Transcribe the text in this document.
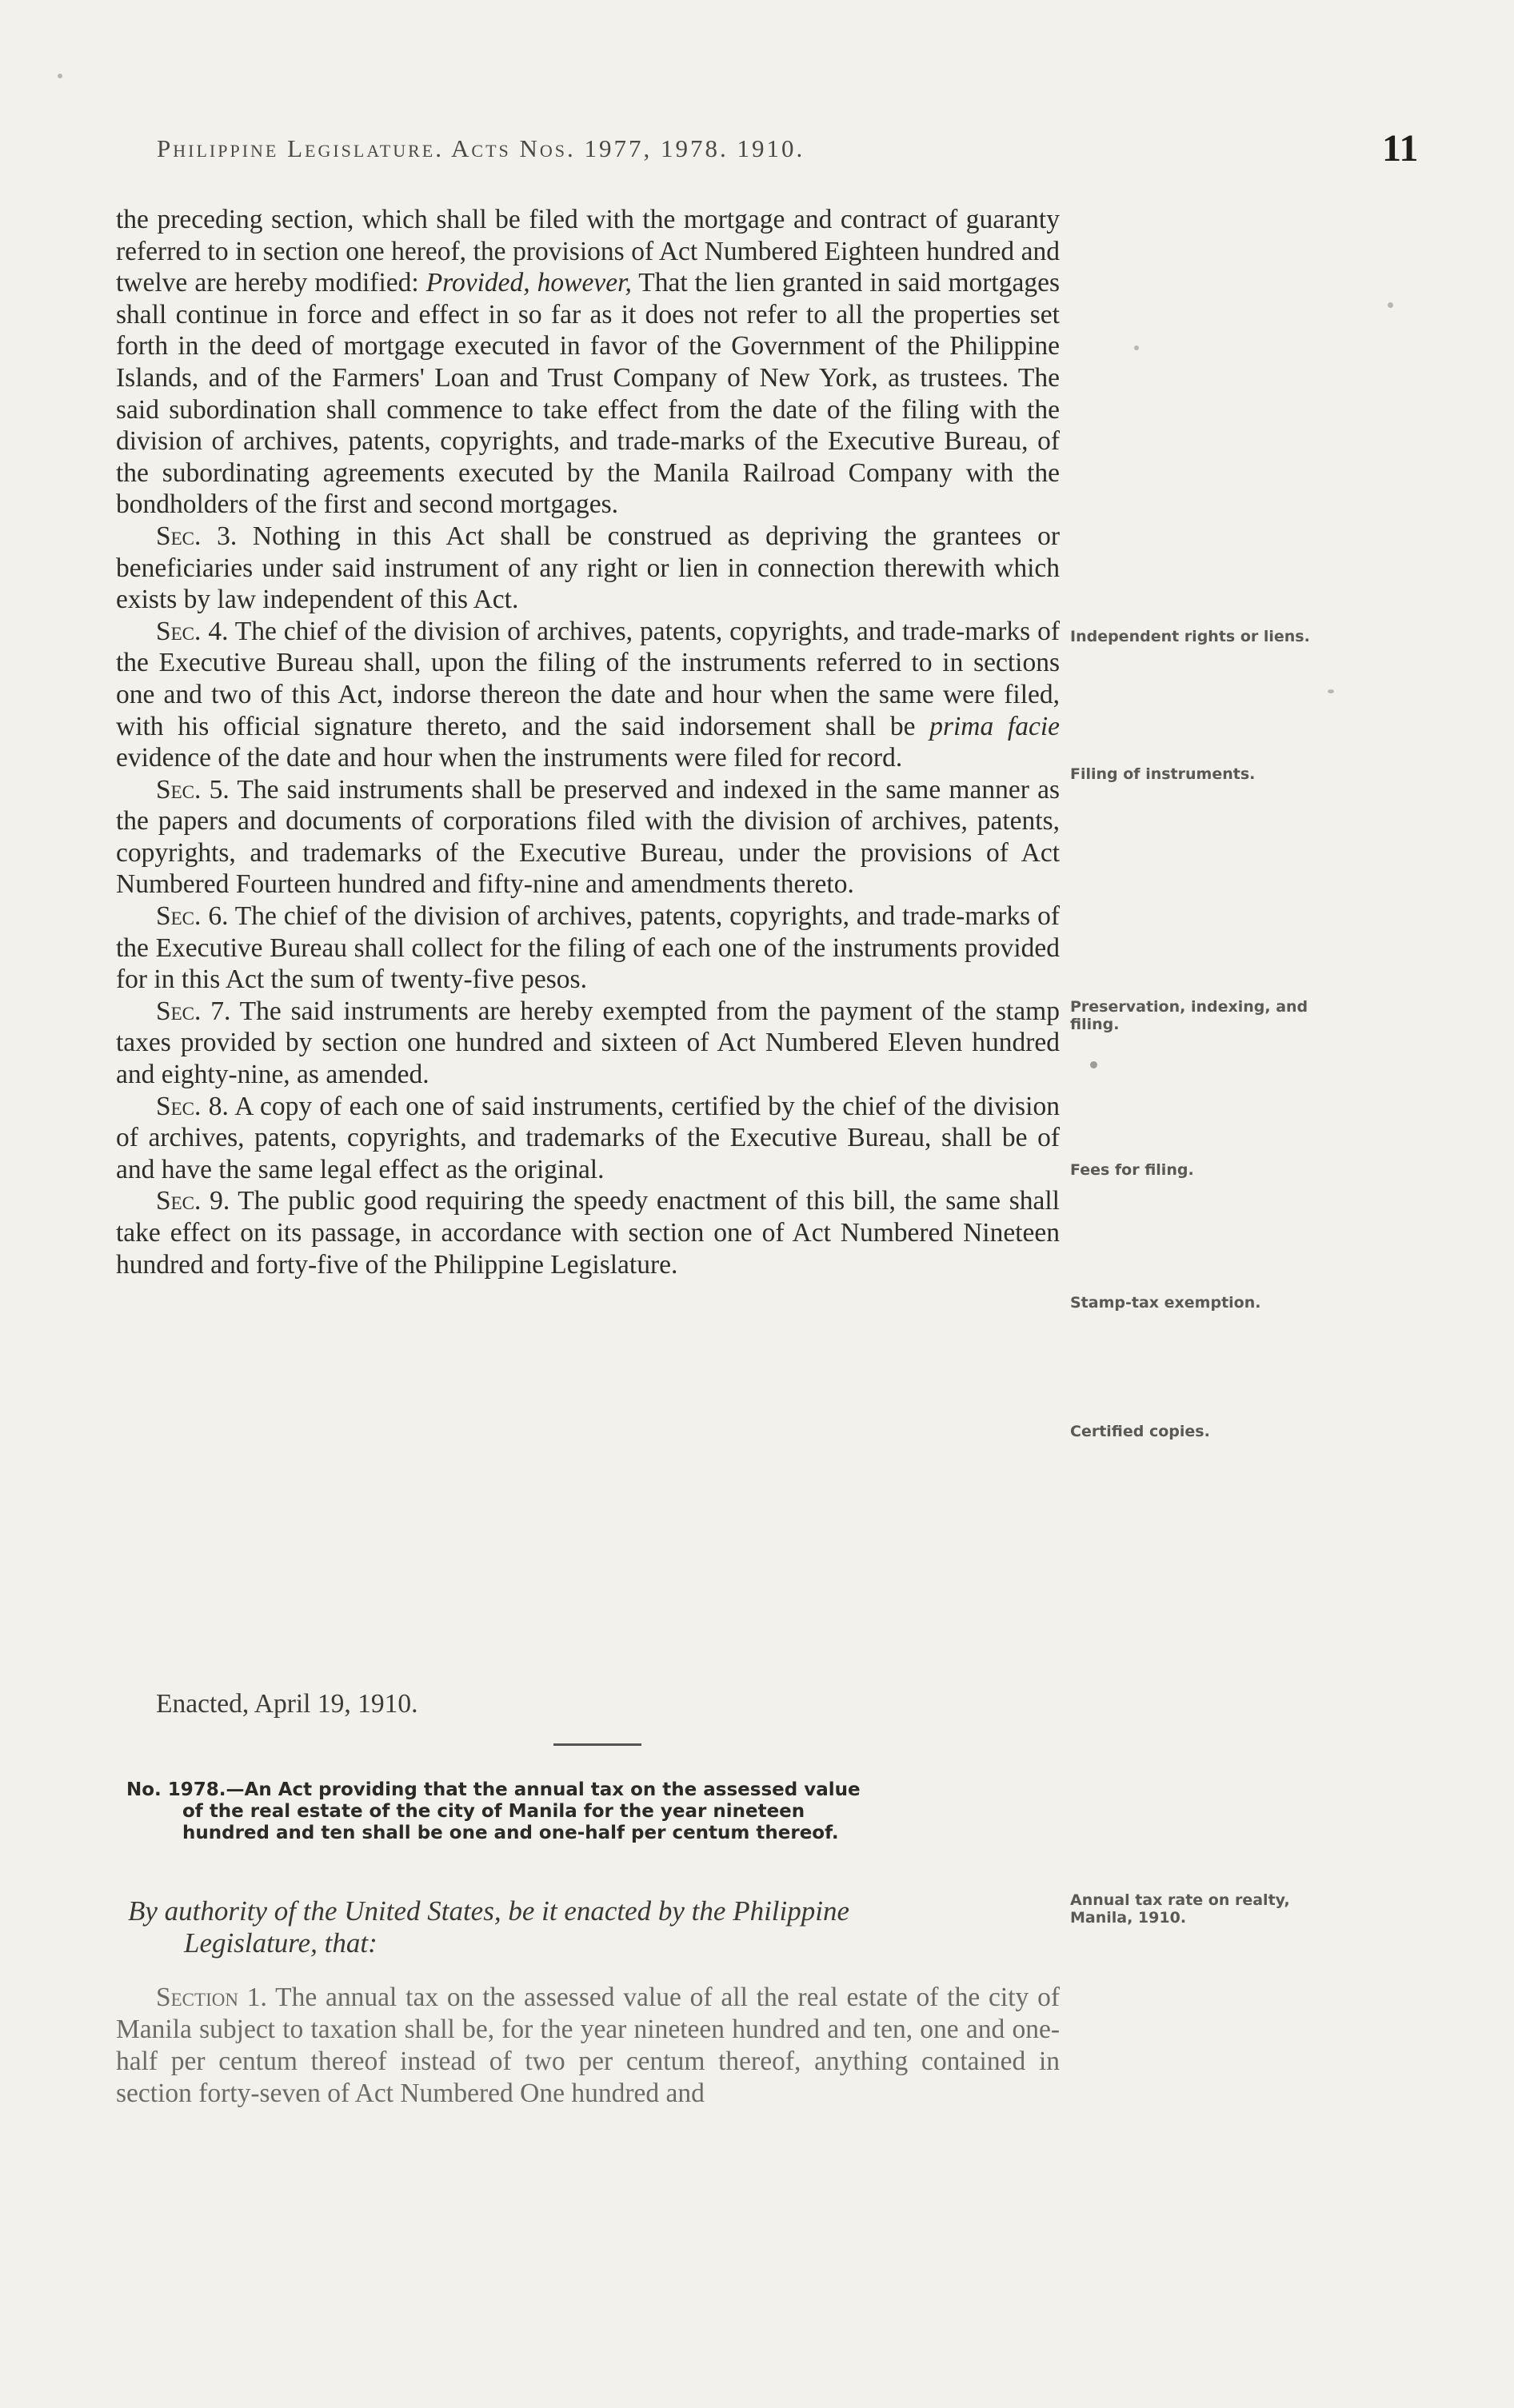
Philippine Legislature. Acts Nos. 1977, 1978. 1910.	11

the preceding section, which shall be filed with the mortgage and contract of guaranty referred to in section one hereof, the provisions of Act Numbered Eighteen hundred and twelve are hereby modified: Provided, however, That the lien granted in said mortgages shall continue in force and effect in so far as it does not refer to all the properties set forth in the deed of mortgage executed in favor of the Government of the Philippine Islands, and of the Farmers' Loan and Trust Company of New York, as trustees. The said subordination shall commence to take effect from the date of the filing with the division of archives, patents, copyrights, and trade-marks of the Executive Bureau, of the subordinating agreements executed by the Manila Railroad Company with the bondholders of the first and second mortgages.

Sec. 3. Nothing in this Act shall be construed as depriving the grantees or beneficiaries under said instrument of any right or lien in connection therewith which exists by law independent of this Act.

Sec. 4. The chief of the division of archives, patents, copyrights, and trade-marks of the Executive Bureau shall, upon the filing of the instruments referred to in sections one and two of this Act, indorse thereon the date and hour when the same were filed, with his official signature thereto, and the said indorsement shall be prima facie evidence of the date and hour when the instruments were filed for record.

Sec. 5. The said instruments shall be preserved and indexed in the same manner as the papers and documents of corporations filed with the division of archives, patents, copyrights, and trademarks of the Executive Bureau, under the provisions of Act Numbered Fourteen hundred and fifty-nine and amendments thereto.

Sec. 6. The chief of the division of archives, patents, copyrights, and trade-marks of the Executive Bureau shall collect for the filing of each one of the instruments provided for in this Act the sum of twenty-five pesos.

Sec. 7. The said instruments are hereby exempted from the payment of the stamp taxes provided by section one hundred and sixteen of Act Numbered Eleven hundred and eighty-nine, as amended.

Sec. 8. A copy of each one of said instruments, certified by the chief of the division of archives, patents, copyrights, and trademarks of the Executive Bureau, shall be of and have the same legal effect as the original.

Sec. 9. The public good requiring the speedy enactment of this bill, the same shall take effect on its passage, in accordance with section one of Act Numbered Nineteen hundred and forty-five of the Philippine Legislature.

Independent rights or liens.
Filing of instruments.
Preservation, indexing, and filing.
Fees for filing.
Stamp-tax exemption.
Certified copies.
Enacted, April 19, 1910.
No. 1978.—An Act providing that the annual tax on the assessed value
of the real estate of the city of Manila for the year nineteen
hundred and ten shall be one and one-half per centum thereof.
By authority of the United States, be it enacted by the Philippine
Legislature, that:
Annual tax rate on realty, Manila, 1910.

Section 1. The annual tax on the assessed value of all the real estate of the city of Manila subject to taxation shall be, for the year nineteen hundred and ten, one and one-half per centum thereof instead of two per centum thereof, anything contained in section forty-seven of Act Numbered One hundred and
